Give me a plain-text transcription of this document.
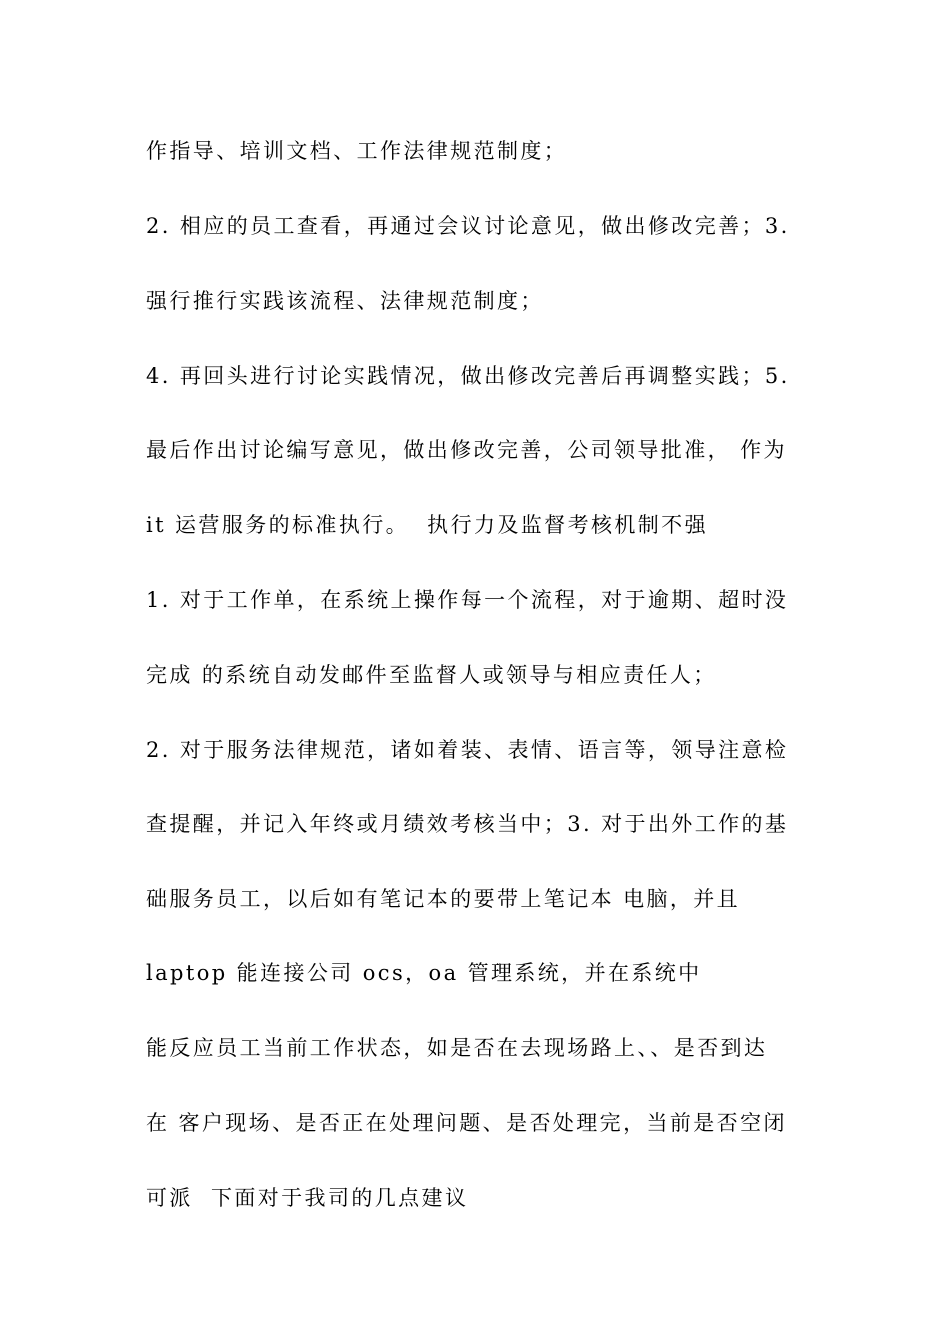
作指导、培训文档、工作法律规范制度；
2. 相应的员工查看，再通过会议讨论意见，做出修改完善；3.
强行推行实践该流程、法律规范制度；
4. 再回头进行讨论实践情况，做出修改完善后再调整实践；5.
最后作出讨论编写意见，做出修改完善，公司领导批准， 作为
it 运营服务的标准执行。  执行力及监督考核机制不强
1. 对于工作单，在系统上操作每一个流程，对于逾期、超时没
完成 的系统自动发邮件至监督人或领导与相应责任人；
2. 对于服务法律规范，诸如着装、表情、语言等，领导注意检
查提醒，并记入年终或月绩效考核当中；3. 对于出外工作的基
础服务员工，以后如有笔记本的要带上笔记本 电脑，并且
laptop 能连接公司 ocs，oa 管理系统，并在系统中
能反应员工当前工作状态，如是否在去现场路上、、是否到达
在 客户现场、是否正在处理问题、是否处理完，当前是否空闭
可派  下面对于我司的几点建议
